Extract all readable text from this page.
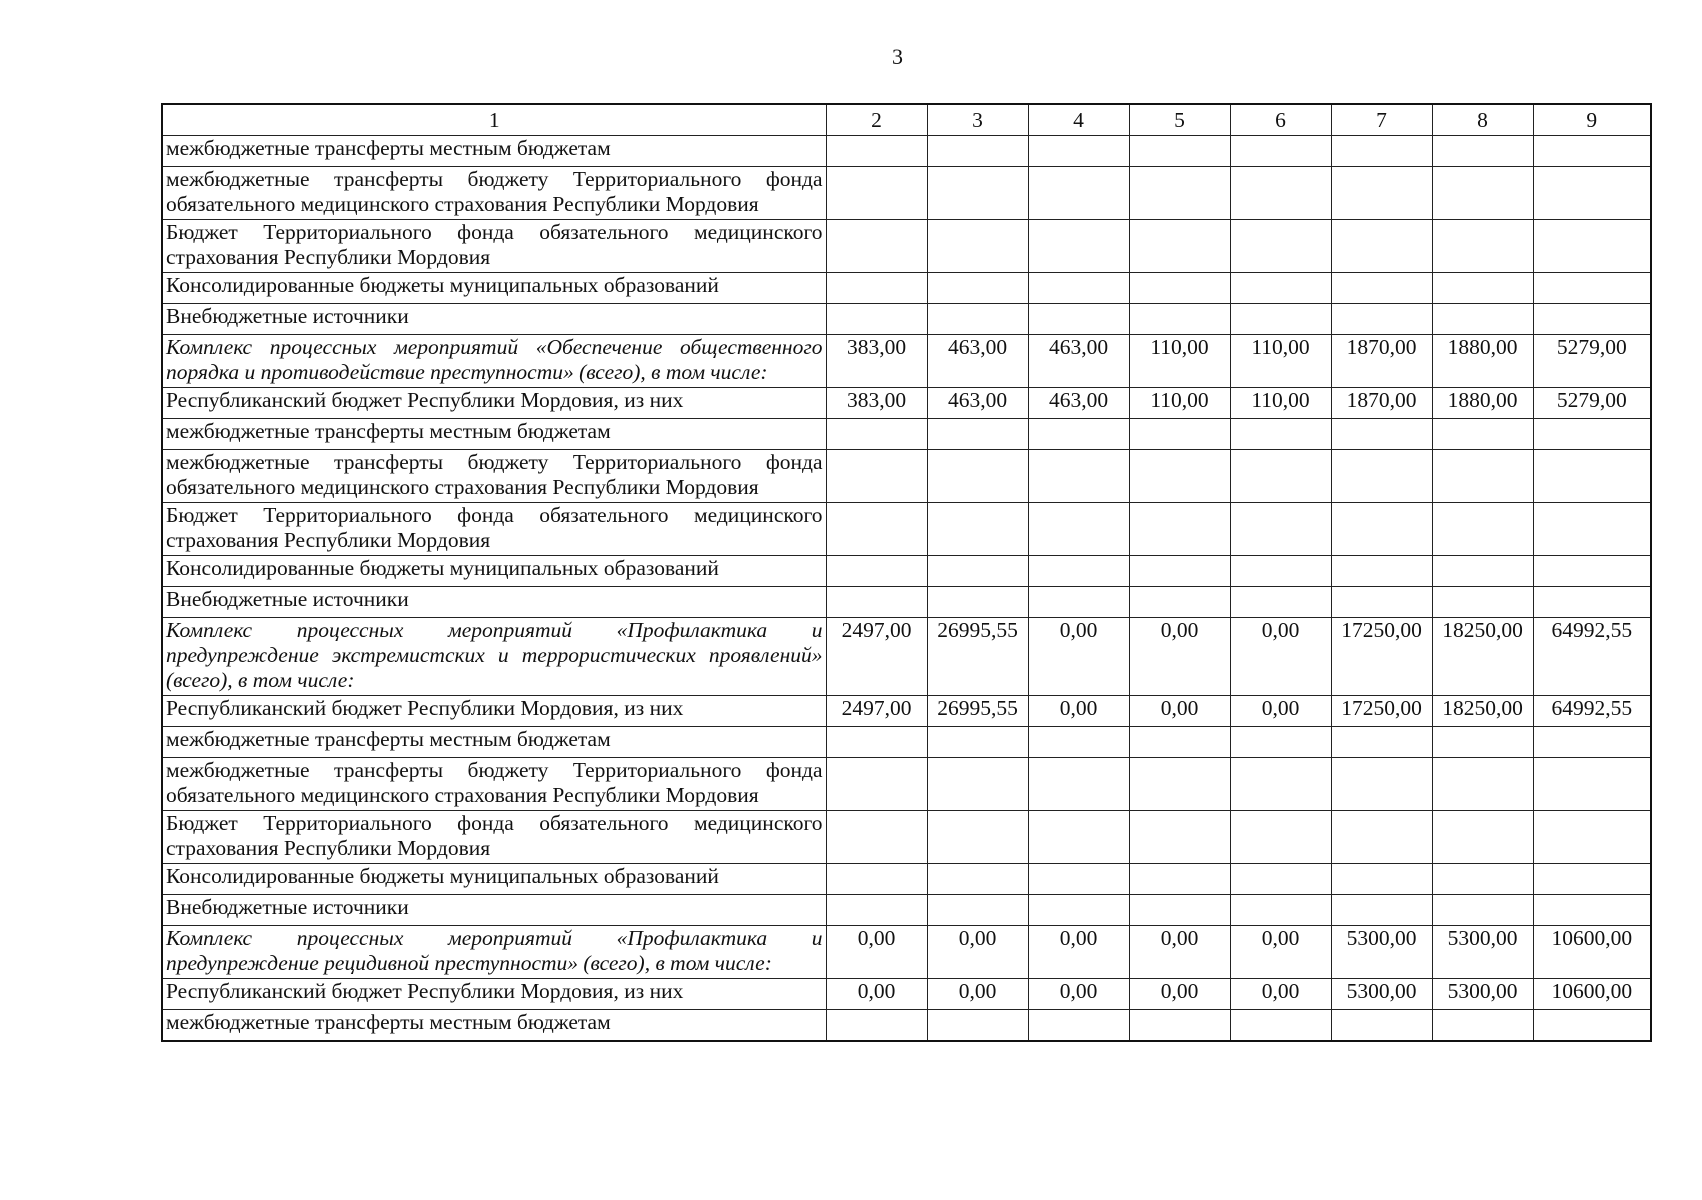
3
1	2	3	4	5	6	7	8	9
межбюджетные трансферты местным бюджетам								
межбюджетные трансферты бюджету Территориального фонда обязательного медицинского страхования Республики Мордовия								
Бюджет Территориального фонда обязательного медицинского страхования Республики Мордовия								
Консолидированные бюджеты муниципальных образований								
Внебюджетные источники								
Комплекс процессных мероприятий «Обеспечение общественного порядка и противодействие преступности» (всего), в том числе:	383,00	463,00	463,00	110,00	110,00	1870,00	1880,00	5279,00
Республиканский бюджет Республики Мордовия, из них	383,00	463,00	463,00	110,00	110,00	1870,00	1880,00	5279,00
межбюджетные трансферты местным бюджетам								
межбюджетные трансферты бюджету Территориального фонда обязательного медицинского страхования Республики Мордовия								
Бюджет Территориального фонда обязательного медицинского страхования Республики Мордовия								
Консолидированные бюджеты муниципальных образований								
Внебюджетные источники								
Комплекс процессных мероприятий «Профилактика и предупреждение экстремистских и террористических проявлений» (всего), в том числе:	2497,00	26995,55	0,00	0,00	0,00	17250,00	18250,00	64992,55
Республиканский бюджет Республики Мордовия, из них	2497,00	26995,55	0,00	0,00	0,00	17250,00	18250,00	64992,55
межбюджетные трансферты местным бюджетам								
межбюджетные трансферты бюджету Территориального фонда обязательного медицинского страхования Республики Мордовия								
Бюджет Территориального фонда обязательного медицинского страхования Республики Мордовия								
Консолидированные бюджеты муниципальных образований								
Внебюджетные источники								
Комплекс процессных мероприятий «Профилактика и предупреждение рецидивной преступности» (всего), в том числе:	0,00	0,00	0,00	0,00	0,00	5300,00	5300,00	10600,00
Республиканский бюджет Республики Мордовия, из них	0,00	0,00	0,00	0,00	0,00	5300,00	5300,00	10600,00
межбюджетные трансферты местным бюджетам								
